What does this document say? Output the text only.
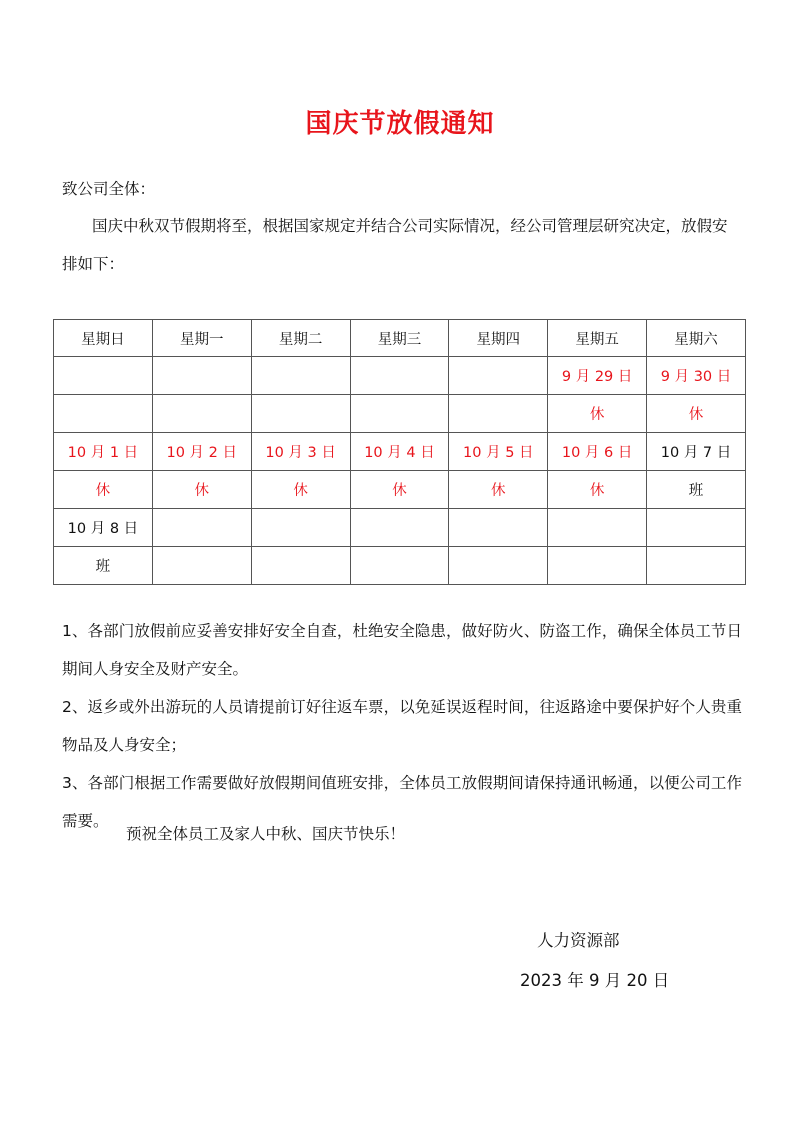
国庆节放假通知
致公司全体：
国庆中秋双节假期将至，根据国家规定并结合公司实际情况，经公司管理层研究决定，放假安排如下：
星期日	星期一	星期二	星期三	星期四	星期五	星期六
					9 月 29 日	9 月 30 日
					休	休
10 月 1 日	10 月 2 日	10 月 3 日	10 月 4 日	10 月 5 日	10 月 6 日	10 月 7 日
休	休	休	休	休	休	班
10 月 8 日						
班						

1、各部门放假前应妥善安排好安全自查，杜绝安全隐患，做好防火、防盗工作，确保全体员工节日期间人身安全及财产安全。

2、返乡或外出游玩的人员请提前订好往返车票，以免延误返程时间，往返路途中要保护好个人贵重物品及人身安全；

3、各部门根据工作需要做好放假期间值班安排，全体员工放假期间请保持通讯畅通，以便公司工作需要。

预祝全体员工及家人中秋、国庆节快乐！
人力资源部
2023 年 9 月 20 日
